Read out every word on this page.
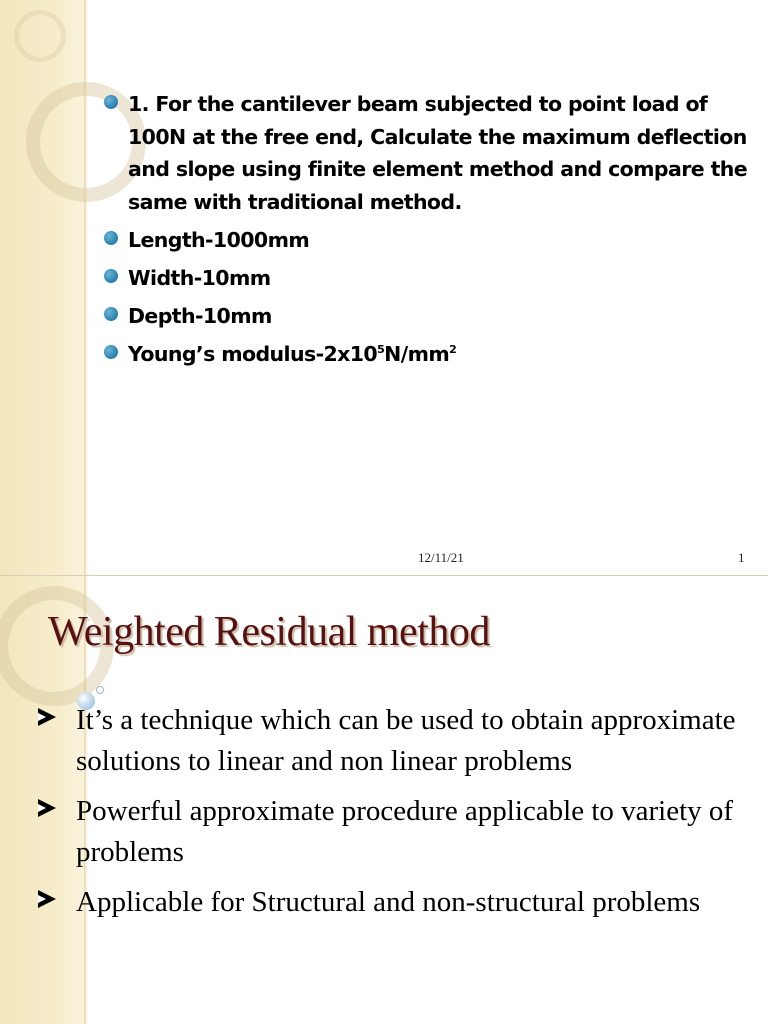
1. For the cantilever beam subjected to point load of 100N at the free end, Calculate the maximum deflection and slope using finite element method and compare the same with traditional method.
Length-1000mm
Width-10mm
Depth-10mm
Young’s modulus-$2x10^5N/mm^2$
12/11/21	1
Weighted Residual method
It’s a technique which can be used to obtain approximate solutions to linear and non linear problems
Powerful approximate procedure applicable to variety of problems
Applicable for Structural and non-structural problems
